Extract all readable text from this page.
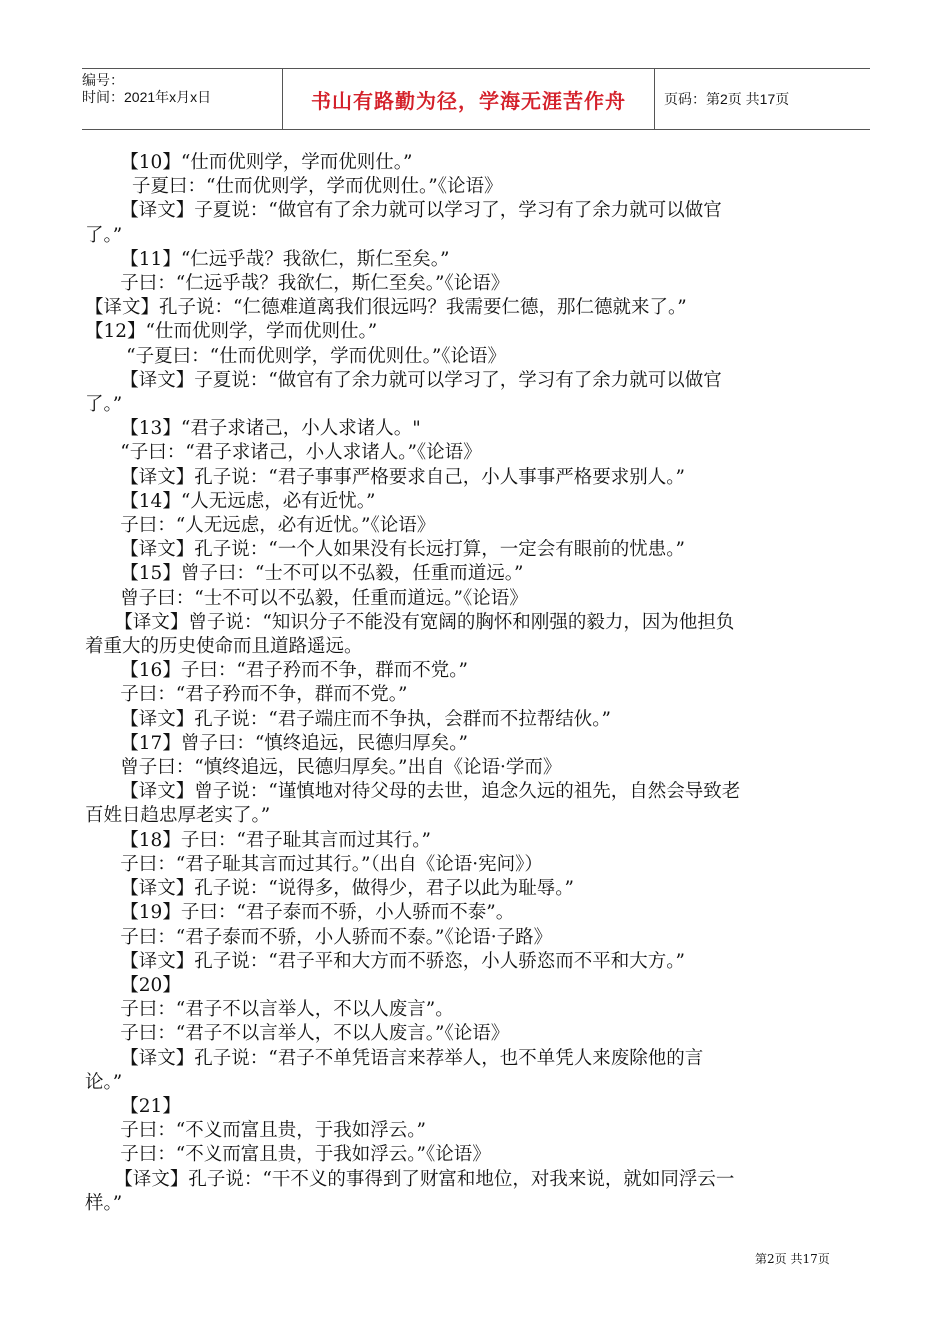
编号：
时间：2021年x月x日	书山有路勤为径，学海无涯苦作舟	页码：第2页 共17页
【10】“仕而优则学，学而优则仕。”
子夏曰：“仕而优则学，学而优则仕。”《论语》
【译文】子夏说：“做官有了余力就可以学习了，学习有了余力就可以做官
了。”
【11】“仁远乎哉？我欲仁，斯仁至矣。”
子曰：“仁远乎哉？我欲仁，斯仁至矣。”《论语》
【译文】孔子说：“仁德难道离我们很远吗？我需要仁德，那仁德就来了。”
【12】“仕而优则学，学而优则仕。”
“子夏曰：“仕而优则学，学而优则仕。”《论语》
【译文】子夏说：“做官有了余力就可以学习了，学习有了余力就可以做官
了。”
【13】“君子求诸己，小人求诸人。"
“子曰：“君子求诸己，小人求诸人。”《论语》
【译文】孔子说：“君子事事严格要求自己，小人事事严格要求别人。”
【14】“人无远虑，必有近忧。”
子曰：“人无远虑，必有近忧。”《论语》
【译文】孔子说：“一个人如果没有长远打算，一定会有眼前的忧患。”
【15】曾子曰：“士不可以不弘毅，任重而道远。”
曾子曰：“士不可以不弘毅，任重而道远。”《论语》
【译文】曾子说：“知识分子不能没有宽阔的胸怀和刚强的毅力，因为他担负
着重大的历史使命而且道路遥远。
【16】子曰：“君子矜而不争，群而不党。”
子曰：“君子矜而不争，群而不党。”
【译文】孔子说：“君子端庄而不争执，会群而不拉帮结伙。”
【17】曾子曰：“慎终追远，民德归厚矣。”
曾子曰：“慎终追远，民德归厚矣。”出自《论语·学而》
【译文】曾子说：“谨慎地对待父母的去世，追念久远的祖先，自然会导致老
百姓日趋忠厚老实了。”
【18】子曰：“君子耻其言而过其行。”
子曰：“君子耻其言而过其行。”（出自《论语·宪问》）
【译文】孔子说：“说得多，做得少，君子以此为耻辱。”
【19】子曰：“君子泰而不骄，小人骄而不泰”。
子曰：“君子泰而不骄，小人骄而不泰。”《论语·子路》
【译文】孔子说：“君子平和大方而不骄恣，小人骄恣而不平和大方。”
【20】
子曰：“君子不以言举人，不以人废言”。
子曰：“君子不以言举人，不以人废言。”《论语》
【译文】孔子说：“君子不单凭语言来荐举人，也不单凭人来废除他的言
论。”
【21】
子曰：“不义而富且贵，于我如浮云。”
子曰：“不义而富且贵，于我如浮云。”《论语》
【译文】孔子说：“干不义的事得到了财富和地位，对我来说，就如同浮云一
样。”
第2页 共17页
